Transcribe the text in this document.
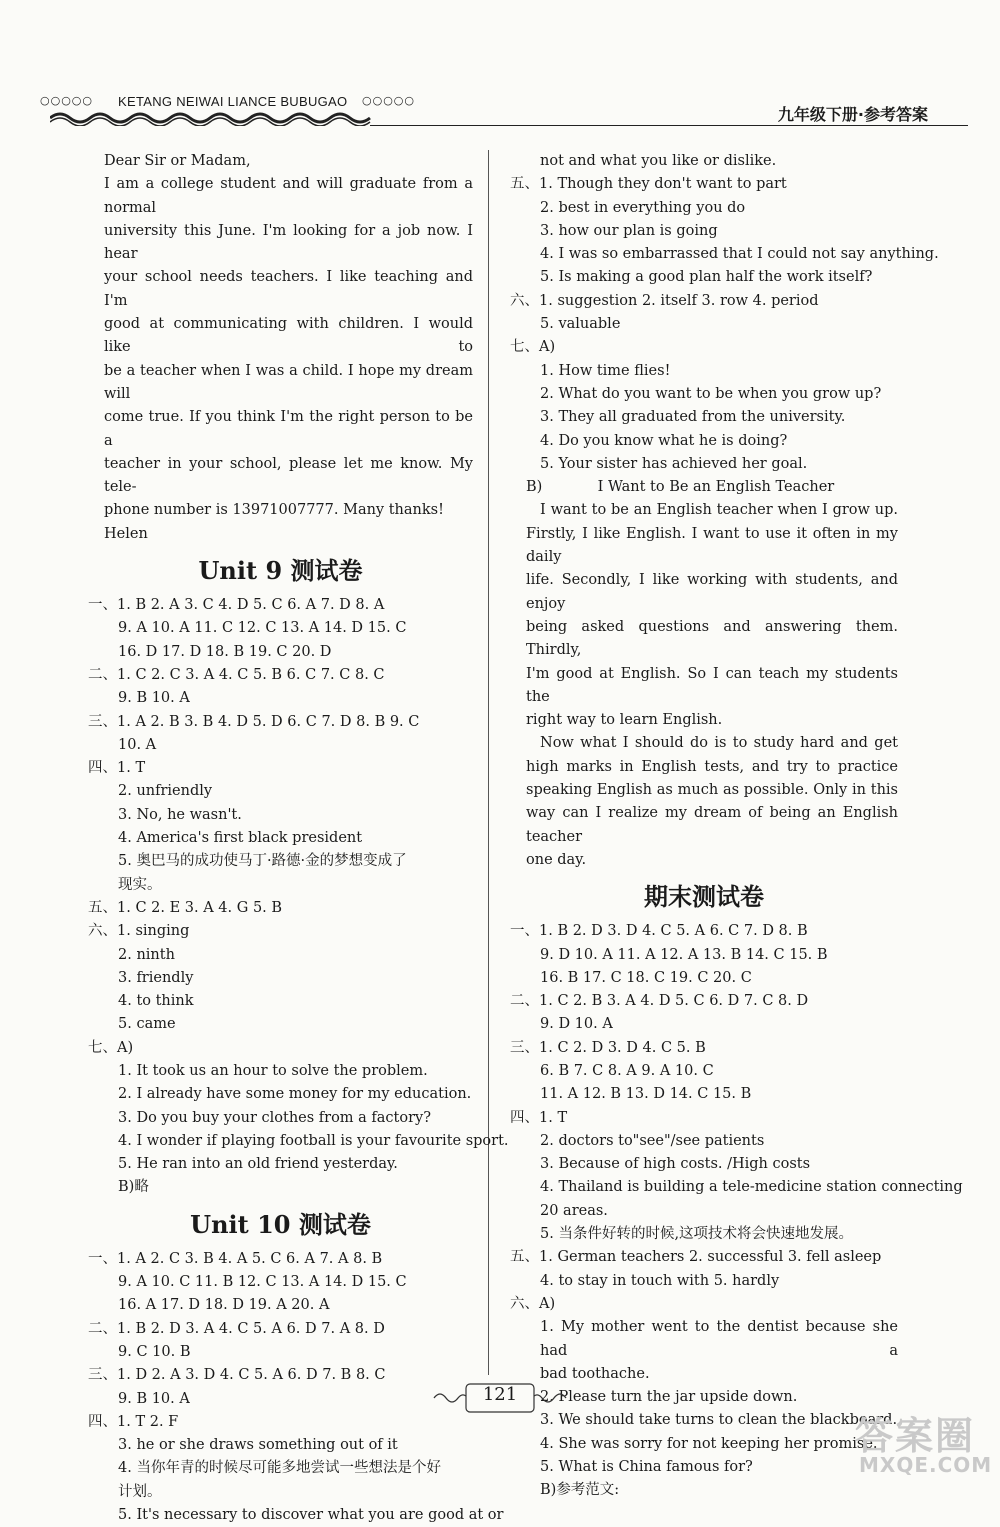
○○○○○ KETANG NEIWAI LIANCE BUBUGAO ○○○○○
九年级下册·参考答案
Dear Sir or Madam,
I am a college student and will graduate from a normal
university this June. I'm looking for a job now. I hear
your school needs teachers. I like teaching and I'm
good at communicating with children. I would like to
be a teacher when I was a child. I hope my dream will
come true. If you think I'm the right person to be a
teacher in your school, please let me know. My tele-
phone number is 13971007777. Many thanks!
Helen
Unit 9 测试卷
一、1. B 2. A 3. C 4. D 5. C 6. A 7. D 8. A
9. A 10. A 11. C 12. C 13. A 14. D 15. C
16. D 17. D 18. B 19. C 20. D
二、1. C 2. C 3. A 4. C 5. B 6. C 7. C 8. C
9. B 10. A
三、1. A 2. B 3. B 4. D 5. D 6. C 7. D 8. B 9. C
10. A
四、1. T
2. unfriendly
3. No, he wasn't.
4. America's first black president
5. 奥巴马的成功使马丁·路德·金的梦想变成了
现实。
五、1. C 2. E 3. A 4. G 5. B
六、1. singing
2. ninth
3. friendly
4. to think
5. came
七、A)
1. It took us an hour to solve the problem.
2. I already have some money for my education.
3. Do you buy your clothes from a factory?
4. I wonder if playing football is your favourite sport.
5. He ran into an old friend yesterday.
B)略
Unit 10 测试卷
一、1. A 2. C 3. B 4. A 5. C 6. A 7. A 8. B
9. A 10. C 11. B 12. C 13. A 14. D 15. C
16. A 17. D 18. D 19. A 20. A
二、1. B 2. D 3. A 4. C 5. A 6. D 7. A 8. D
9. C 10. B
三、1. D 2. A 3. D 4. C 5. A 6. D 7. B 8. C
9. B 10. A
四、1. T 2. F
3. he or she draws something out of it
4. 当你年青的时候尽可能多地尝试一些想法是个好
计划。
5. It's necessary to discover what you are good at or
not and what you like or dislike.
五、1. Though they don't want to part
2. best in everything you do
3. how our plan is going
4. I was so embarrassed that I could not say anything.
5. Is making a good plan half the work itself?
六、1. suggestion 2. itself 3. row 4. period
5. valuable
七、A)
1. How time flies!
2. What do you want to be when you grow up?
3. They all graduated from the university.
4. Do you know what he is doing?
5. Your sister has achieved her goal.
B)            I Want to Be an English Teacher
I want to be an English teacher when I grow up.
Firstly, I like English. I want to use it often in my daily
life. Secondly, I like working with students, and enjoy
being asked questions and answering them. Thirdly,
I'm good at English. So I can teach my students the
right way to learn English.
Now what I should do is to study hard and get
high marks in English tests, and try to practice
speaking English as much as possible. Only in this
way can I realize my dream of being an English teacher
one day.
期末测试卷
一、1. B 2. D 3. D 4. C 5. A 6. C 7. D 8. B
9. D 10. A 11. A 12. A 13. B 14. C 15. B
16. B 17. C 18. C 19. C 20. C
二、1. C 2. B 3. A 4. D 5. C 6. D 7. C 8. D
9. D 10. A
三、1. C 2. D 3. D 4. C 5. B
6. B 7. C 8. A 9. A 10. C
11. A 12. B 13. D 14. C 15. B
四、1. T
2. doctors to"see"/see patients
3. Because of high costs. /High costs
4. Thailand is building a tele-medicine station connecting
20 areas.
5. 当条件好转的时候,这项技术将会快速地发展。
五、1. German teachers 2. successful 3. fell asleep
4. to stay in touch with 5. hardly
六、A)
1. My mother went to the dentist because she had a
bad toothache.
2. Please turn the jar upside down.
3. We should take turns to clean the blackboard.
4. She was sorry for not keeping her promise.
5. What is China famous for?
B)参考范文:
121
答案圈
MXQE.COM
